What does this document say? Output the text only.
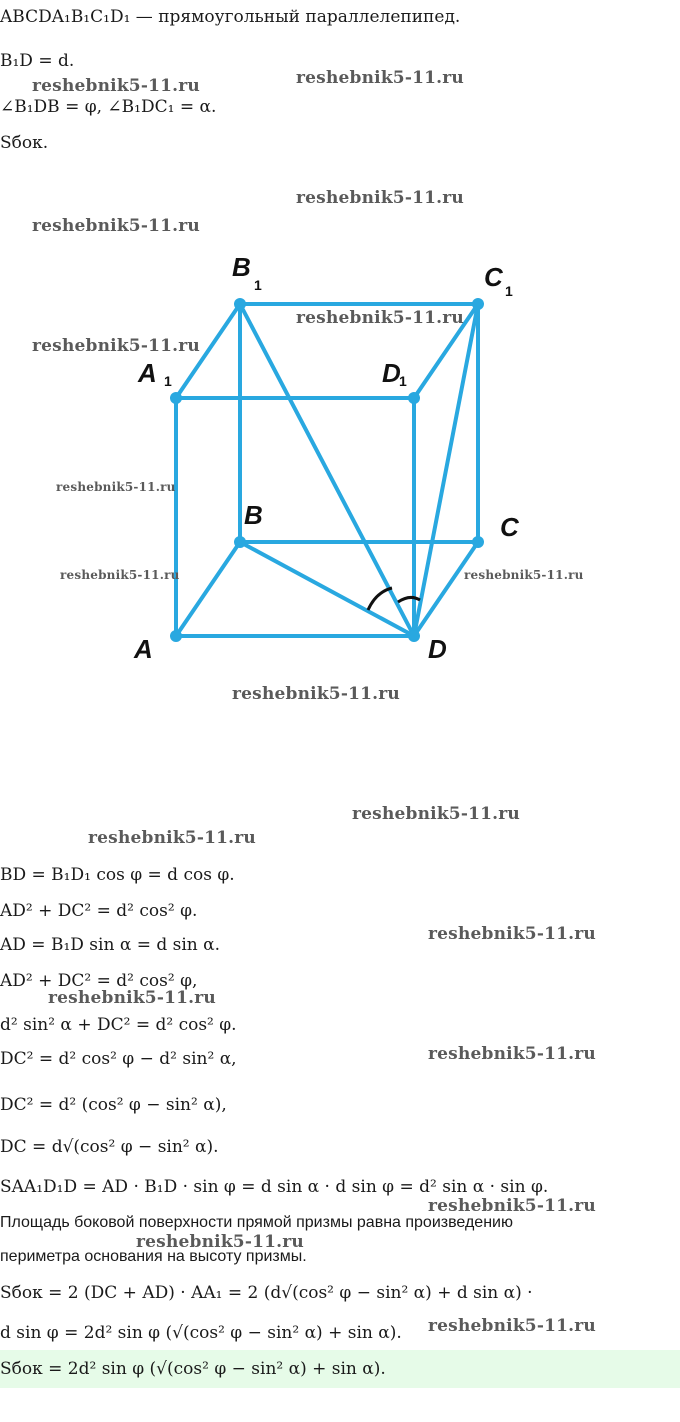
ABCDA₁B₁C₁D₁ — прямоугольный параллелепипед.
B₁D = d.
∠B₁DB = φ, ∠B₁DC₁ = α.
Sбок.
B
1	C 1
A 1	D
1
B	C
A	D
BD = B₁D₁ cos φ = d cos φ.
AD² + DC² = d² cos² φ.
AD = B₁D sin α = d sin α.
AD² + DC² = d² cos² φ,
d² sin² α + DC² = d² cos² φ.
DC² = d² cos² φ − d² sin² α,
DC² = d² (cos² φ − sin² α),
DC = d√(cos² φ − sin² α).
SAA₁D₁D = AD · B₁D · sin φ = d sin α · d sin φ = d² sin α · sin φ.
Площадь боковой поверхности прямой призмы равна произведению
периметра основания на высоту призмы.
Sбок = 2 (DC + AD) · AA₁ = 2 (d√(cos² φ − sin² α) + d sin α) ·
d sin φ = 2d² sin φ (√(cos² φ − sin² α) + sin α).
Sбок = 2d² sin φ (√(cos² φ − sin² α) + sin α).
reshebnik5-11.ru	reshebnik5-11.ru
reshebnik5-11.ru
reshebnik5-11.ru
reshebnik5-11.ru
reshebnik5-11.ru
reshebnik5-11.ru
reshebnik5-11.ru	reshebnik5-11.ru
reshebnik5-11.ru
reshebnik5-11.ru
reshebnik5-11.ru
reshebnik5-11.ru
reshebnik5-11.ru
reshebnik5-11.ru
reshebnik5-11.ru
reshebnik5-11.ru
reshebnik5-11.ru
